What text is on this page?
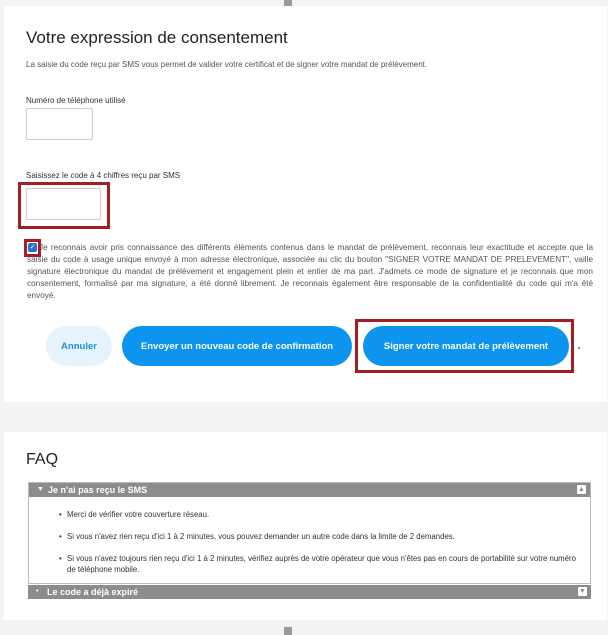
Votre expression de consentement

La saisie du code reçu par SMS vous permet de valider votre certificat et de signer votre mandat de prélèvement.

Numéro de téléphone utilisé

Saisissez le code à 4 chiffres reçu par SMS

Je reconnais avoir pris connaissance des différents éléments contenus dans le mandat de prélèvement, reconnais leur exactitude et accepte que la saisie du code à usage unique envoyé à mon adresse électronique, associée au clic du bouton "SIGNER VOTRE MANDAT DE PRELEVEMENT", vaille signature électronique du mandat de prélèvement et engagement plein et entier de ma part. J'admets ce mode de signature et je reconnais que mon consentement, formalisé par ma signature, a été donné librement. Je reconnais également être responsable de la confidentialité du code qui m'a été envoyé.

✓
Annuler	Envoyer un nouveau code de confirmation	Signer votre mandat de prélèvement
FAQ
▼ Je n'ai pas reçu le SMS	▲
• Merci de vérifier votre couverture réseau.
• Si vous n'avez rien reçu d'ici 1 à 2 minutes, vous pouvez demander un autre code dans la limite de 2 demandes.
• Si vous n'avez toujours rien reçu d'ici 1 à 2 minutes, vérifiez auprès de votre opérateur que vous n'êtes pas en cours de portabilité sur votre numéro de téléphone mobile.
• Le code a déjà expiré	▼
